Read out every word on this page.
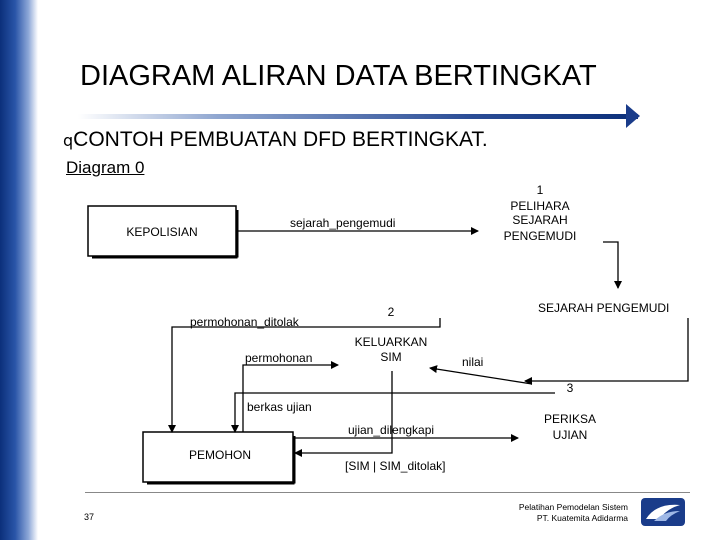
DIAGRAM ALIRAN DATA BERTINGKAT
qCONTOH PEMBUATAN DFD BERTINGKAT.
Diagram 0
KEPOLISIAN
PEMOHON
1
PELIHARA
SEJARAH
PENGEMUDI
2
KELUARKAN
SIM
3
PERIKSA
UJIAN
SEJARAH PENGEMUDI
sejarah_pengemudi
permohonan_ditolak
permohonan	nilai
berkas ujian
ujian_dilengkapi
[SIM | SIM_ditolak]
37
Pelatihan Pemodelan Sistem
PT. Kuatemita Adidarma
